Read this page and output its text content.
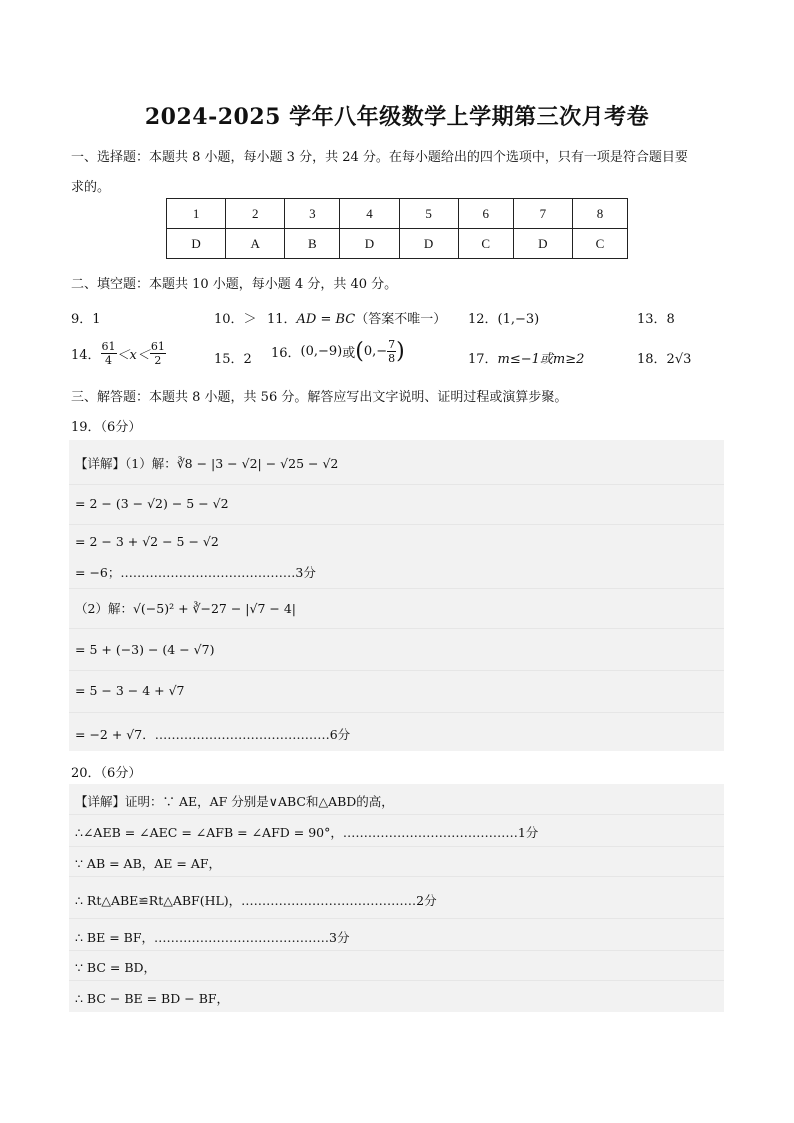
2024-2025 学年八年级数学上学期第三次月考卷
一、选择题：本题共 8 小题，每小题 3 分，共 24 分。在每小题给出的四个选项中，只有一项是符合题目要
求的。
1	2	3	4	5	6	7	8
D	A	B	D	D	C	D	C
二、填空题：本题共 10 小题，每小题 4 分，共 40 分。
9．1	10．＞ 11．AD = BC（答案不唯一） 12．(1,−3)	13．8
14． $\frac{61}{4} <x< \frac{61}{2}$	15．2 16．(0,−9)或($0,- \frac{7}{8}$ )	17．m≤−1或m≥2	18．2√3
三、解答题：本题共 8 小题，共 56 分。解答应写出文字说明、证明过程或演算步聚。
19．（6分）
【详解】（1）解：∛8 − |3 − √2| − √25 − √2
= 2 − (3 − √2) − 5 − √2
= 2 − 3 + √2 − 5 − √2
= −6；……………………………………3分
（2）解：√(−5)² + ∛−27 − |√7 − 4|
= 5 + (−3) − (4 − √7)
= 5 − 3 − 4 + √7
= −2 + √7．……………………………………6分
20．（6分）
【详解】证明：∵ AE，AF 分别是∨ABC和△ABD的高，
∴∠AEB = ∠AEC = ∠AFB = ∠AFD = 90°，……………………………………1分
∵ AB = AB，AE = AF，
∴ Rt△ABE≌Rt△ABF(HL)，……………………………………2分
∴ BE = BF，……………………………………3分
∵ BC = BD，
∴ BC − BE = BD − BF，
